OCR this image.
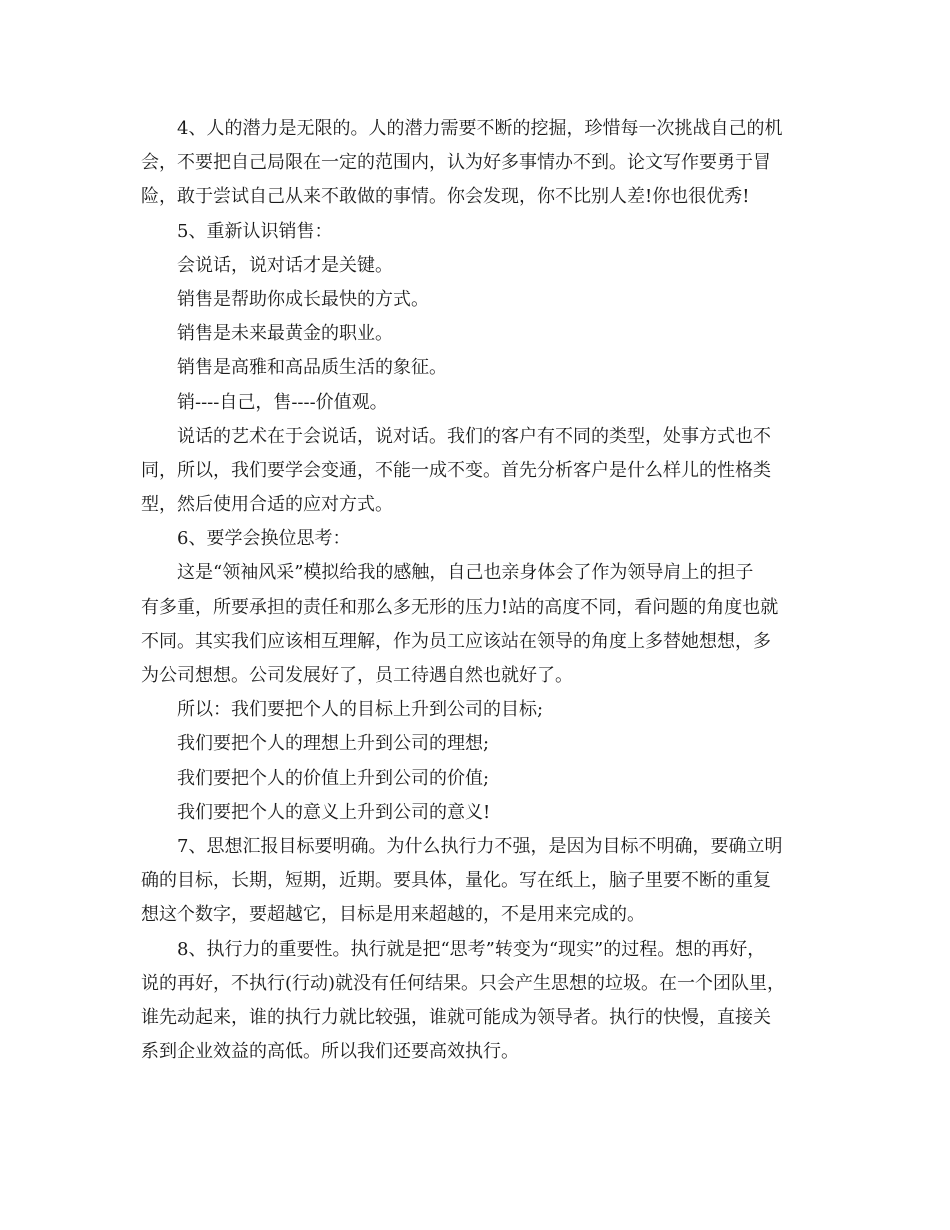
4、人的潜力是无限的。人的潜力需要不断的挖掘，珍惜每一次挑战自己的机
会，不要把自己局限在一定的范围内，认为好多事情办不到。论文写作要勇于冒
险，敢于尝试自己从来不敢做的事情。你会发现，你不比别人差!你也很优秀!
5、重新认识销售：
会说话，说对话才是关键。
销售是帮助你成长最快的方式。
销售是未来最黄金的职业。
销售是高雅和高品质生活的象征。
销----自己，售----价值观。
说话的艺术在于会说话，说对话。我们的客户有不同的类型，处事方式也不
同，所以，我们要学会变通，不能一成不变。首先分析客户是什么样儿的性格类
型，然后使用合适的应对方式。
6、要学会换位思考：
这是“领袖风采”模拟给我的感触，自己也亲身体会了作为领导肩上的担子
有多重，所要承担的责任和那么多无形的压力!站的高度不同，看问题的角度也就
不同。其实我们应该相互理解，作为员工应该站在领导的角度上多替她想想，多
为公司想想。公司发展好了，员工待遇自然也就好了。
所以：我们要把个人的目标上升到公司的目标;
我们要把个人的理想上升到公司的理想;
我们要把个人的价值上升到公司的价值;
我们要把个人的意义上升到公司的意义!
7、思想汇报目标要明确。为什么执行力不强，是因为目标不明确，要确立明
确的目标，长期，短期，近期。要具体，量化。写在纸上，脑子里要不断的重复
想这个数字，要超越它，目标是用来超越的，不是用来完成的。
8、执行力的重要性。执行就是把“思考”转变为“现实”的过程。想的再好，
说的再好，不执行(行动)就没有任何结果。只会产生思想的垃圾。在一个团队里，
谁先动起来，谁的执行力就比较强，谁就可能成为领导者。执行的快慢，直接关
系到企业效益的高低。所以我们还要高效执行。
